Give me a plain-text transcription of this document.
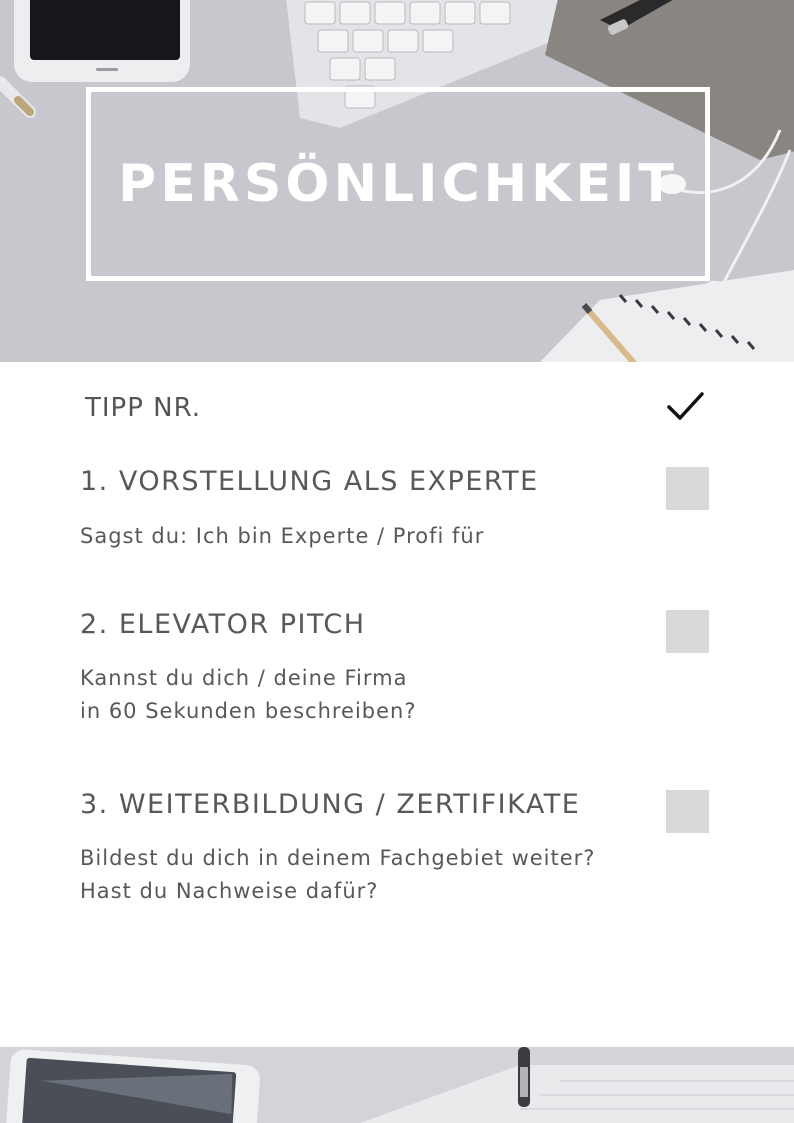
PERSÖNLICHKEIT
TIPP NR.
1. VORSTELLUNG ALS EXPERTE
Sagst du: Ich bin Experte / Profi für
2. ELEVATOR PITCH
Kannst du dich / deine Firma
in 60 Sekunden beschreiben?
3. WEITERBILDUNG / ZERTIFIKATE
Bildest du dich in deinem Fachgebiet weiter?
Hast du Nachweise dafür?
